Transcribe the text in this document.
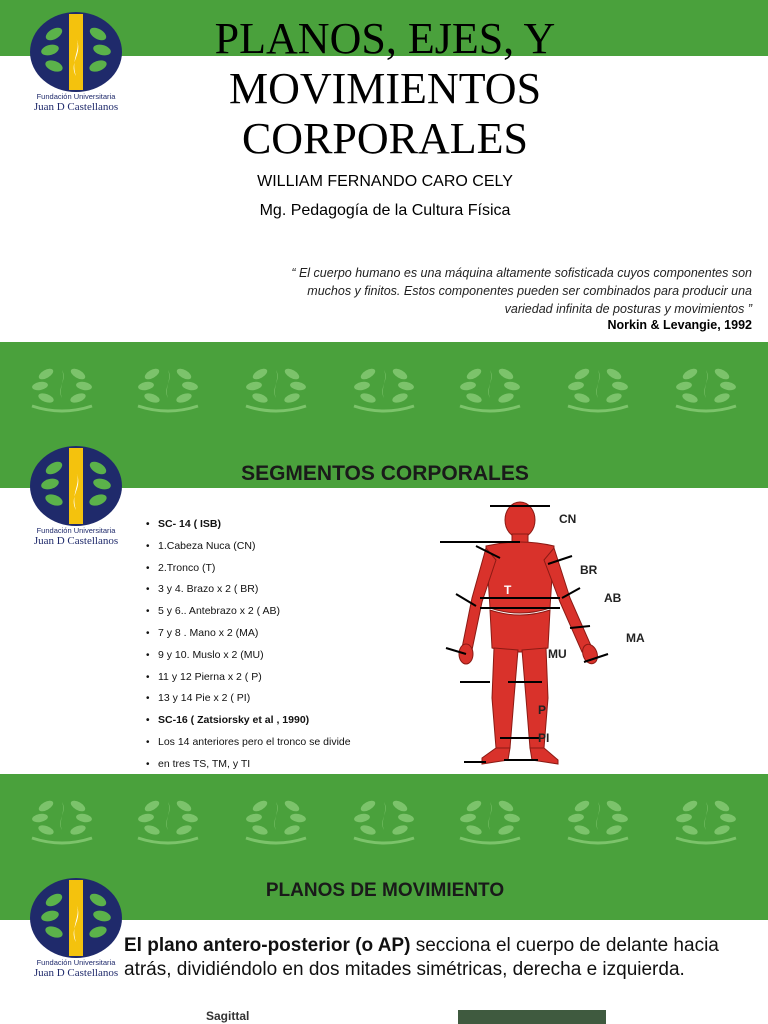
Fundación Universitaria
Juan D Castellanos
PLANOS, EJES, Y
MOVIMIENTOS
CORPORALES
WILLIAM FERNANDO CARO CELY
Mg. Pedagogía de la Cultura Física
“ El cuerpo humano es una máquina altamente sofisticada cuyos componentes son
muchos y finitos. Estos componentes pueden ser combinados para producir una
variedad infinita de posturas y movimientos ”
Norkin & Levangie, 1992
Fundación Universitaria
Juan D Castellanos
SEGMENTOS CORPORALES
• SC- 14 ( ISB)
• 1.Cabeza Nuca (CN)
• 2.Tronco (T)
• 3 y 4. Brazo x 2 ( BR)
• 5 y 6.. Antebrazo x 2 ( AB)
• 7 y 8 . Mano x 2 (MA)
• 9 y 10. Muslo x 2 (MU)
• 11 y 12 Pierna x 2 ( P)
• 13 y 14 Pie x 2 ( PI)
• SC-16 ( Zatsiorsky et al , 1990)
• Los 14 anteriores pero el tronco se divide
• en tres TS, TM, y TI
CN
T
BR
AB
MA
MU
P
PI
Fundación Universitaria
Juan D Castellanos
PLANOS DE MOVIMIENTO
El plano antero-posterior (o AP) secciona el cuerpo de delante hacia atrás, dividiéndolo en dos mitades simétricas, derecha e izquierda.
Sagittal
